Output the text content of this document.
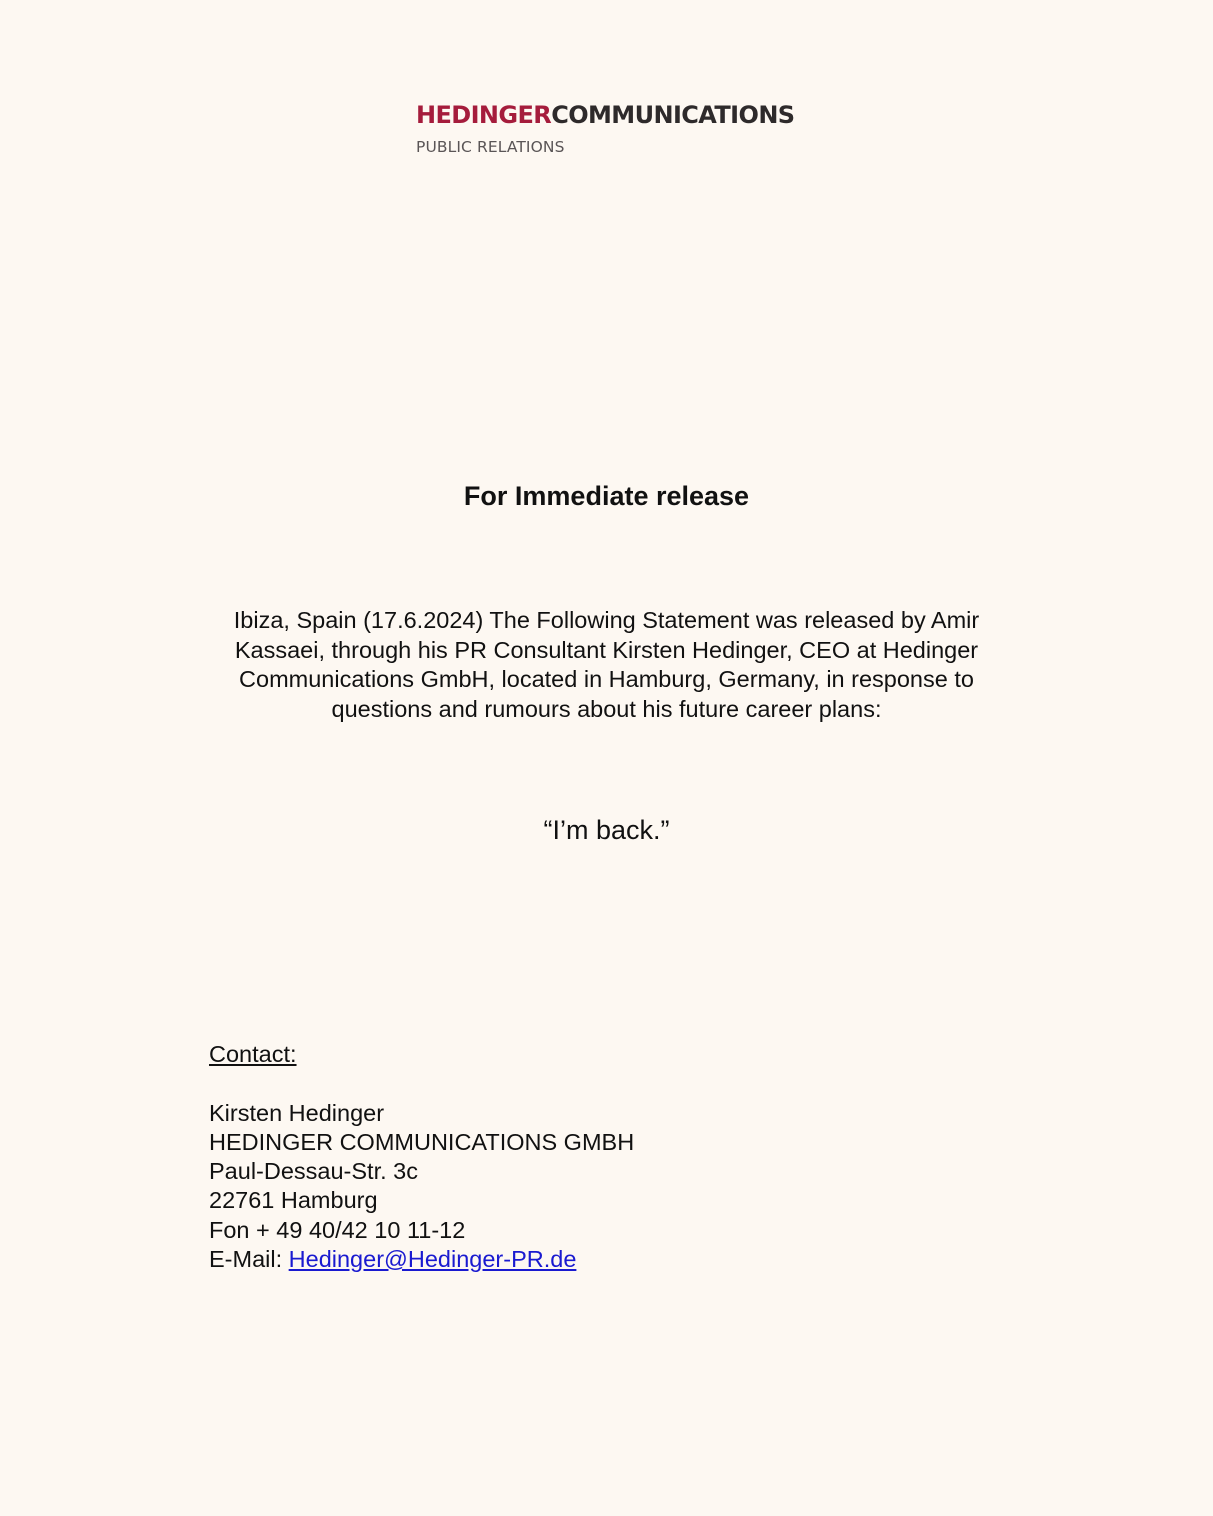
HEDINGERCOMMUNICATIONS
PUBLIC RELATIONS
For Immediate release
Ibiza, Spain (17.6.2024) The Following Statement was released by Amir Kassaei, through his PR Consultant Kirsten Hedinger, CEO at Hedinger Communications GmbH, located in Hamburg, Germany, in response to questions and rumours about his future career plans:
“I’m back.”
Contact:
Kirsten Hedinger
HEDINGER COMMUNICATIONS GMBH
Paul-Dessau-Str. 3c
22761 Hamburg
Fon + 49 40/42 10 11-12
E-Mail: Hedinger@Hedinger-PR.de
